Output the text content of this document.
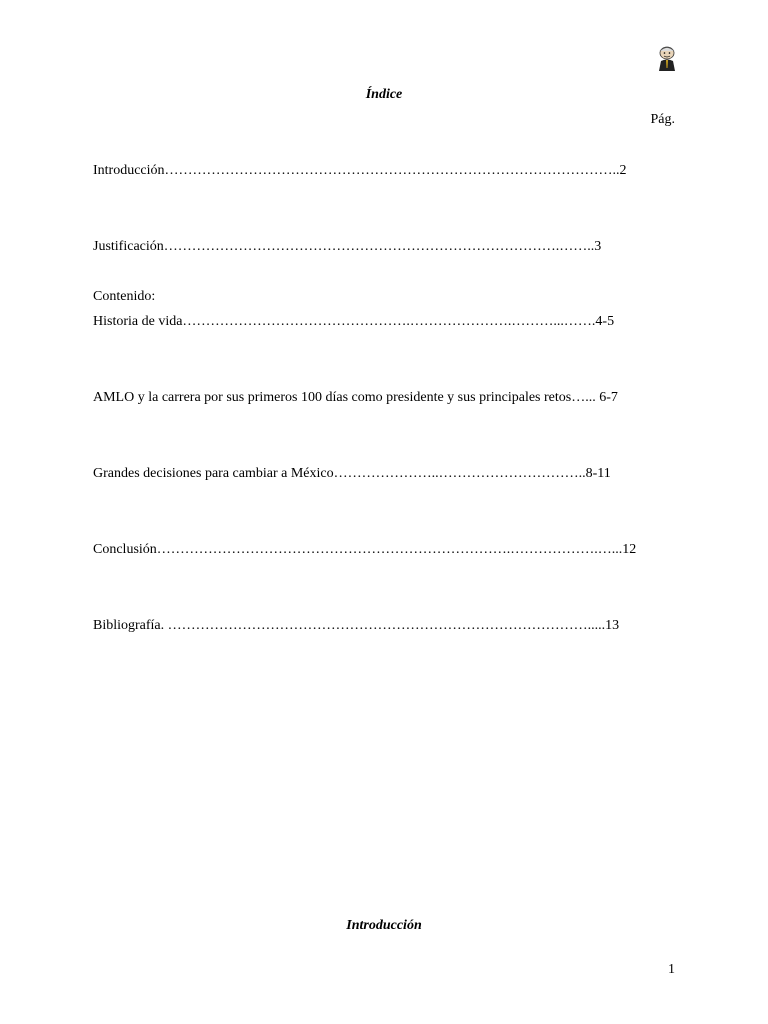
Índice
Pág.
Introducción……………………………………………………………………………………..2
Justificación………………………………………………………………………….……..3
Contenido:
Historia de vida………………………………………….………………….………...…….4-5
AMLO y la carrera por sus primeros 100 días como presidente y sus principales retos…... 6-7
Grandes decisiones para cambiar a México…………………..…………………………..8-11
Conclusión………………………………………………………………….……………….…...12
Bibliografía. ……………………………………………………………………………….....13
Introducción
1
